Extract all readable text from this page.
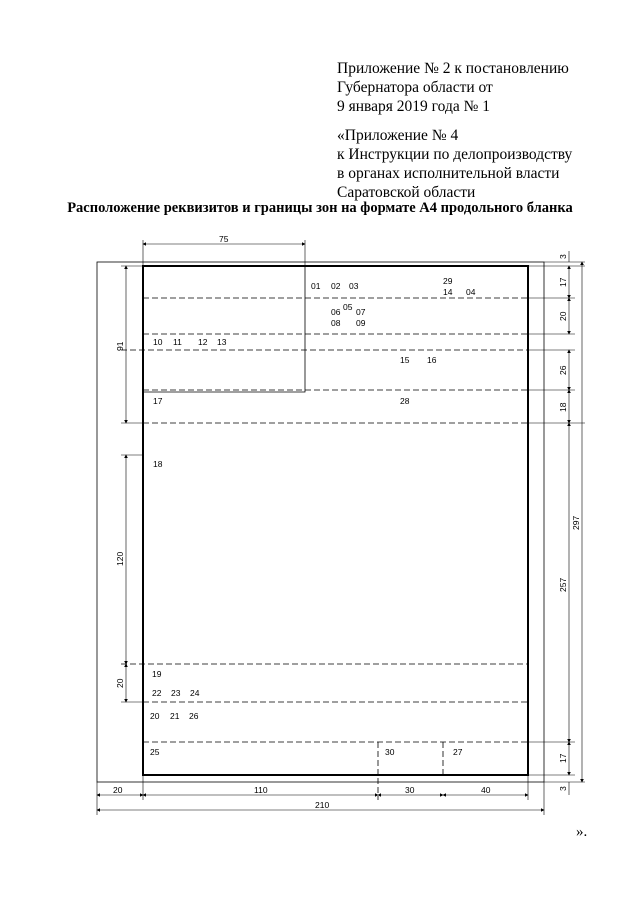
Приложение № 2 к постановлению
Губернатора области от
9 января 2019 года № 1
«Приложение № 4
к Инструкции по делопроизводству
в органах исполнительной власти
Саратовской области
Расположение реквизитов и границы зон на формате А4 продольного бланка
75
91
120
20
3
17
20
26
18
257
17
3
297
20	110	30	40
210
01 02 03	29
14 04
05
06 07
08 09
10 11 12 13
15 16
17	28
18
19
22 23 24
20 21 26
25	30	27
».
